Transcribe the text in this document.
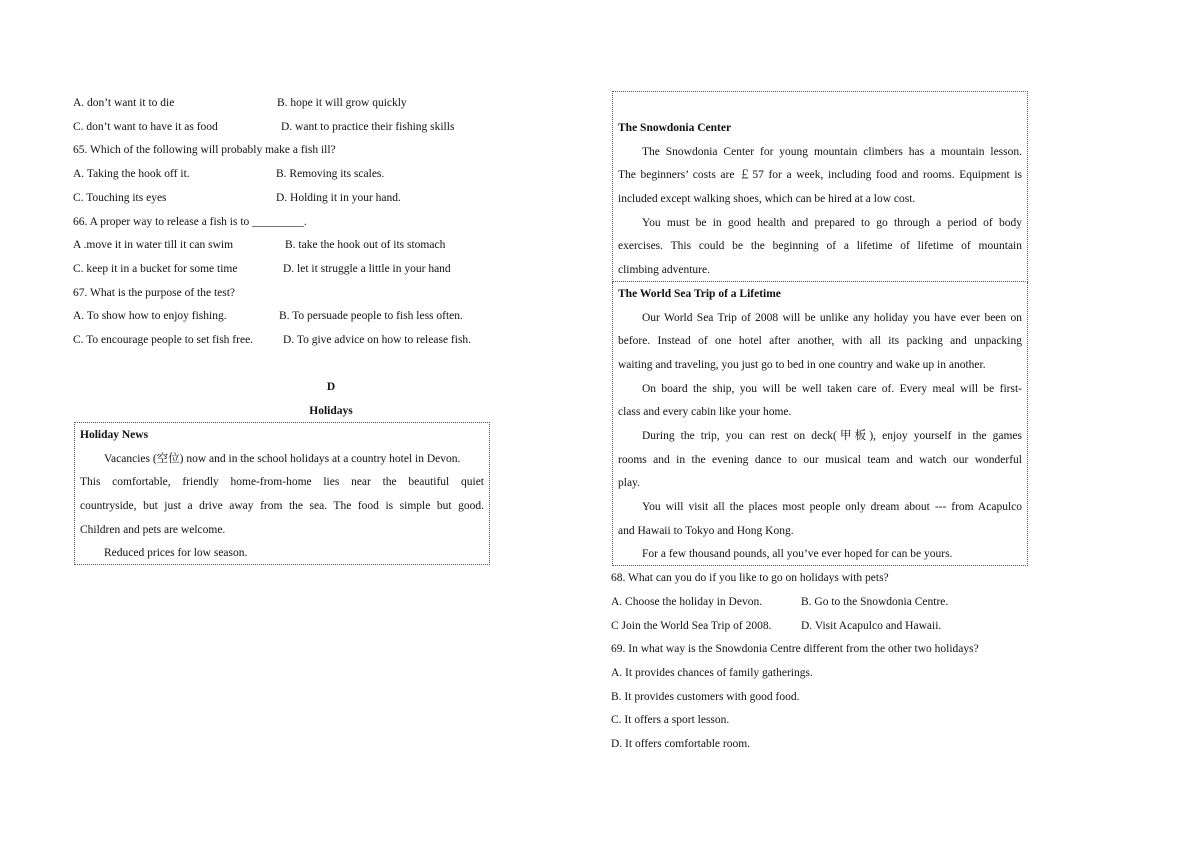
A. don’t want it to die	B. hope it will grow quickly
C. don’t want to have it as food	D. want to practice their fishing skills
65. Which of the following will probably make a fish ill?
A. Taking the hook off it.	B. Removing its scales.
C. Touching its eyes	D. Holding it in your hand.
66. A proper way to release a fish is to _________.
A .move it in water till it can swim	B. take the hook out of its stomach
C. keep it in a bucket for some time	D. let it struggle a little in your hand
67. What is the purpose of the test?
A. To show how to enjoy fishing.	B. To persuade people to fish less often.
C. To encourage people to set fish free.	D. To give advice on how to release fish.
D
Holidays
Holiday News
Vacancies (空位) now and in the school holidays at a country hotel in Devon.
This comfortable, friendly home-from-home lies near the beautiful quiet
countryside, but just a drive away from the sea. The food is simple but good.
Children and pets are welcome.
Reduced prices for low season.
The Snowdonia Center
The Snowdonia Center for young mountain climbers has a mountain lesson.
The beginners’ costs are ￡57 for a week, including food and rooms. Equipment is
included except walking shoes, which can be hired at a low cost.
You must be in good health and prepared to go through a period of body
exercises. This could be the beginning of a lifetime of lifetime of mountain
climbing adventure.
The World Sea Trip of a Lifetime
Our World Sea Trip of 2008 will be unlike any holiday you have ever been on
before. Instead of one hotel after another, with all its packing and unpacking
waiting and traveling, you just go to bed in one country and wake up in another.
On board the ship, you will be well taken care of. Every meal will be first-
class and every cabin like your home.
During the trip, you can rest on deck(甲板), enjoy yourself in the games
rooms and in the evening dance to our musical team and watch our wonderful
play.
You will visit all the places most people only dream about --- from Acapulco
and Hawaii to Tokyo and Hong Kong.
For a few thousand pounds, all you’ve ever hoped for can be yours.
68. What can you do if you like to go on holidays with pets?
A. Choose the holiday in Devon.	B. Go to the Snowdonia Centre.
C Join the World Sea Trip of 2008.	D. Visit Acapulco and Hawaii.
69. In what way is the Snowdonia Centre different from the other two holidays?
A. It provides chances of family gatherings.
B. It provides customers with good food.
C. It offers a sport lesson.
D. It offers comfortable room.
